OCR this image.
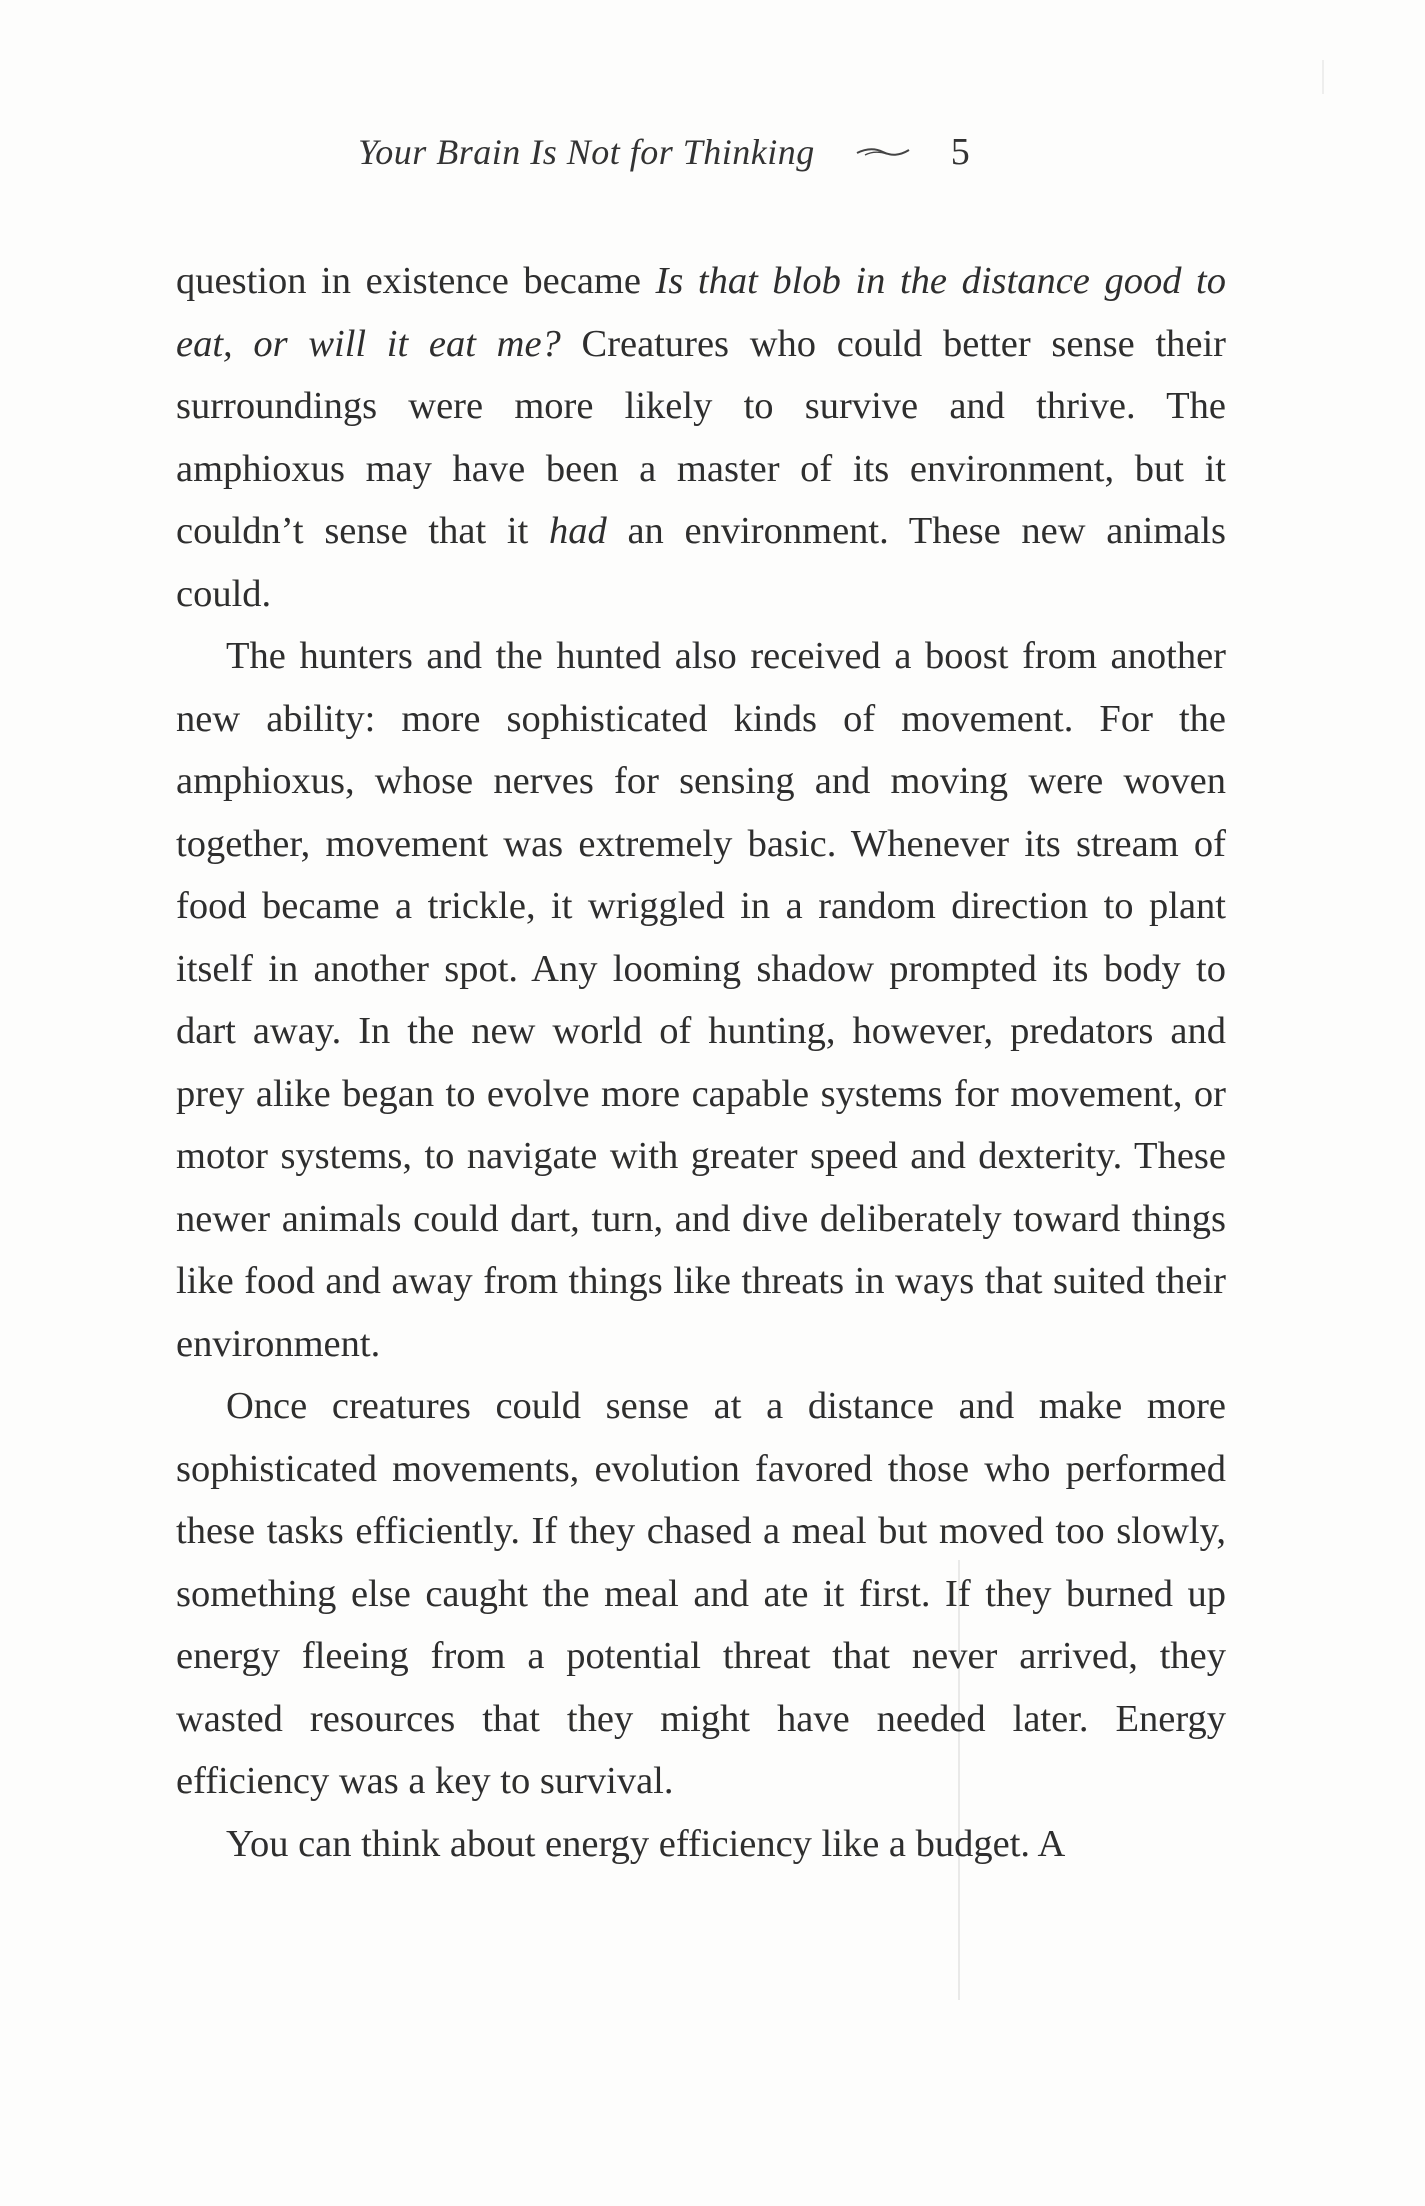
Your Brain Is Not for Thinking	5

question in existence became Is that blob in the distance good to eat, or will it eat me? Creatures who could better sense their surroundings were more likely to survive and thrive. The amphioxus may have been a master of its environment, but it couldn’t sense that it had an environment. These new animals could.

The hunters and the hunted also received a boost from another new ability: more sophisticated kinds of movement. For the amphioxus, whose nerves for sensing and moving were woven together, movement was extremely basic. Whenever its stream of food became a trickle, it wriggled in a random direction to plant itself in another spot. Any looming shadow prompted its body to dart away. In the new world of hunting, however, predators and prey alike began to evolve more capable systems for movement, or motor systems, to navigate with greater speed and dexterity. These newer animals could dart, turn, and dive deliberately toward things like food and away from things like threats in ways that suited their environment.

Once creatures could sense at a distance and make more sophisticated movements, evolution favored those who performed these tasks efficiently. If they chased a meal but moved too slowly, something else caught the meal and ate it first. If they burned up energy fleeing from a potential threat that never arrived, they wasted resources that they might have needed later. Energy efficiency was a key to survival.

You can think about energy efficiency like a budget. A
